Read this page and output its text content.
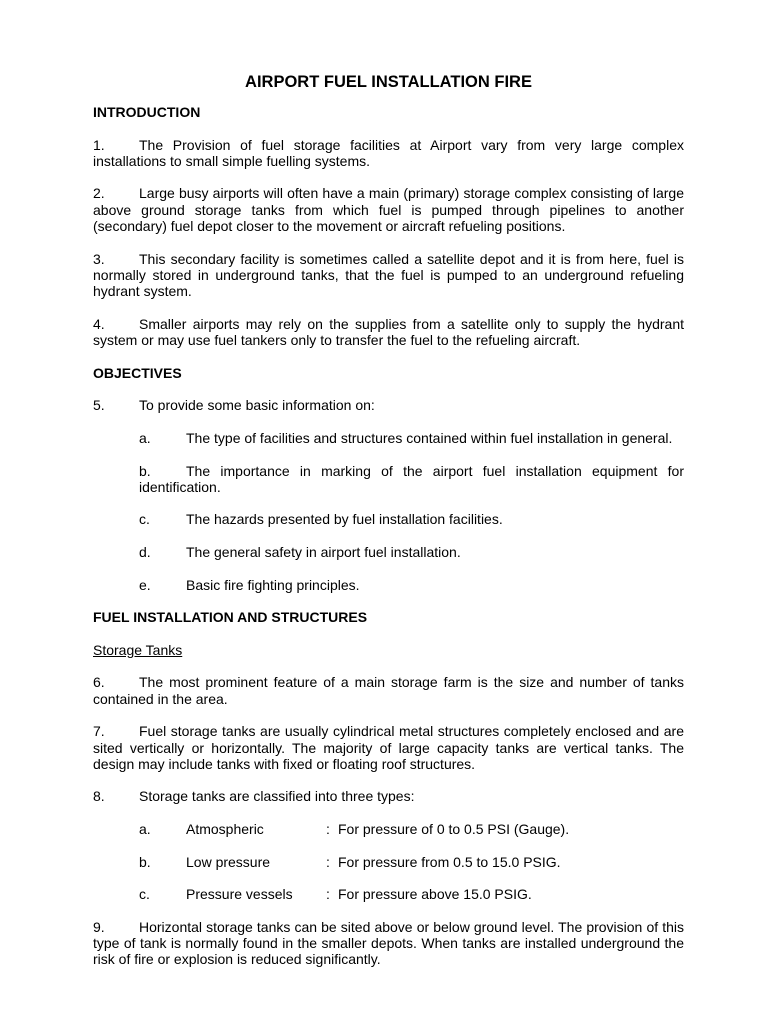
AIRPORT FUEL INSTALLATION FIRE
INTRODUCTION
1. The Provision of fuel storage facilities at Airport vary from very large complex installations to small simple fuelling systems.
2. Large busy airports will often have a main (primary) storage complex consisting of large above ground storage tanks from which fuel is pumped through pipelines to another (secondary) fuel depot closer to the movement or aircraft refueling positions.
3. This secondary facility is sometimes called a satellite depot and it is from here, fuel is normally stored in underground tanks, that the fuel is pumped to an underground refueling hydrant system.
4. Smaller airports may rely on the supplies from a satellite only to supply the hydrant system or may use fuel tankers only to transfer the fuel to the refueling aircraft.
OBJECTIVES
5. To provide some basic information on:
a.	The type of facilities and structures contained within fuel installation in general.
b.	The importance in marking of the airport fuel installation equipment for identification.
c.	The hazards presented by fuel installation facilities.
d.	The general safety in airport fuel installation.
e.	Basic fire fighting principles.
FUEL INSTALLATION AND STRUCTURES
Storage Tanks
6. The most prominent feature of a main storage farm is the size and number of tanks contained in the area.
7. Fuel storage tanks are usually cylindrical metal structures completely enclosed and are sited vertically or horizontally. The majority of large capacity tanks are vertical tanks. The design may include tanks with fixed or floating roof structures.
8. Storage tanks are classified into three types:
a.	Atmospheric	: For pressure of 0 to 0.5 PSI (Gauge).
b.	Low pressure	: For pressure from 0.5 to 15.0 PSIG.
c.	Pressure vessels : For pressure above 15.0 PSIG.
9. Horizontal storage tanks can be sited above or below ground level. The provision of this type of tank is normally found in the smaller depots. When tanks are installed underground the risk of fire or explosion is reduced significantly.
